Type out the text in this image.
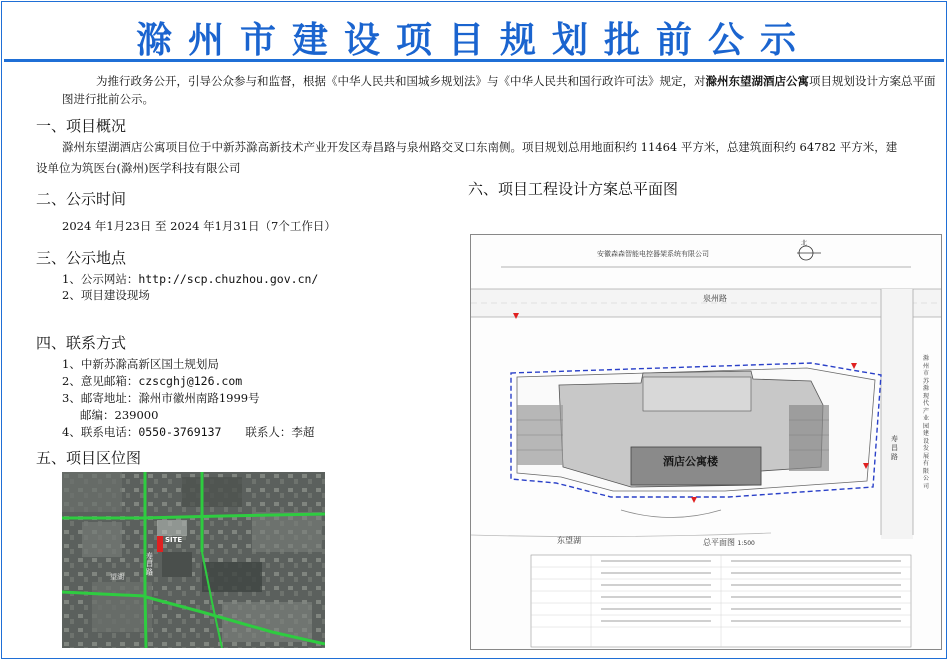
滁州市建设项目规划批前公示
为推行政务公开，引导公众参与和监督，根据《中华人民共和国城乡规划法》与《中华人民共和国行政许可法》规定，对滁州东望湖酒店公寓项目规划设计方案总平面图进行批前公示。
一、项目概况
滁州东望湖酒店公寓项目位于中新苏滁高新技术产业开发区寿昌路与泉州路交叉口东南侧。项目规划总用地面积约 11464 平方米，总建筑面积约 64782 平方米，建
设单位为筑医台(滁州)医学科技有限公司
二、公示时间
2024 年1月23日 至 2024 年1月31日（7个工作日）
三、公示地点
1、公示网站：http://scp.chuzhou.gov.cn/
2、项目建设现场
四、联系方式
1、中新苏滁高新区国土规划局
2、意见邮箱：czscghj@126.com
3、邮寄地址：滁州市徽州南路1999号
邮编：239000
4、联系电话：0550-3769137 联系人：李超
五、项目区位图
SITE
寿昌路
望湖
六、项目工程设计方案总平面图
安徽森森智能电控器架系统有限公司
泉州路
寿昌路
滁州市苏滁现代产业园建设发展有限公司
酒店公寓楼
东望湖	总平面图 1:500
北
